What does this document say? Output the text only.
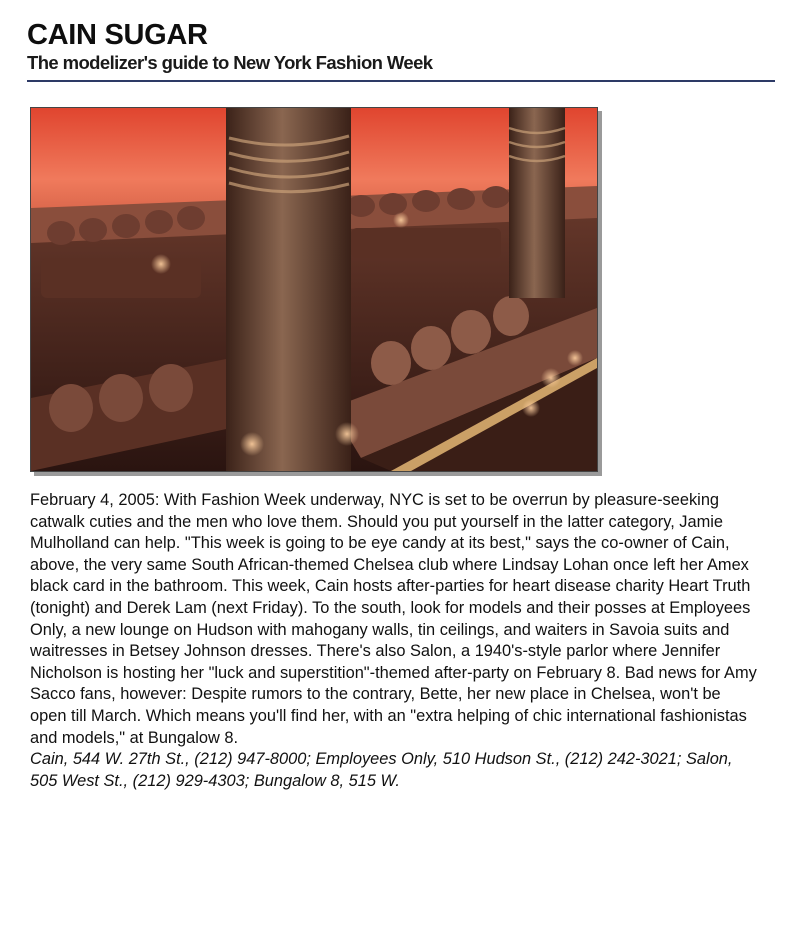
CAIN SUGAR
The modelizer's guide to New York Fashion Week

February 4, 2005: With Fashion Week underway, NYC is set to be overrun by pleasure-seeking catwalk cuties and the men who love them. Should you put yourself in the latter category, Jamie Mulholland can help. "This week is going to be eye candy at its best," says the co-owner of Cain, above, the very same South African-themed Chelsea club where Lindsay Lohan once left her Amex black card in the bathroom. This week, Cain hosts after-parties for heart disease charity Heart Truth (tonight) and Derek Lam (next Friday). To the south, look for models and their posses at Employees Only, a new lounge on Hudson with mahogany walls, tin ceilings, and waiters in Savoia suits and waitresses in Betsey Johnson dresses. There's also Salon, a 1940's-style parlor where Jennifer Nicholson is hosting her "luck and superstition"-themed after-party on February 8. Bad news for Amy Sacco fans, however: Despite rumors to the contrary, Bette, her new place in Chelsea, won't be open till March. Which means you'll find her, with an "extra helping of chic international fashionistas and models," at Bungalow 8.

Cain, 544 W. 27th St., (212) 947-8000; Employees Only, 510 Hudson St., (212) 242-3021; Salon, 505 West St., (212) 929-4303; Bungalow 8, 515 W.
